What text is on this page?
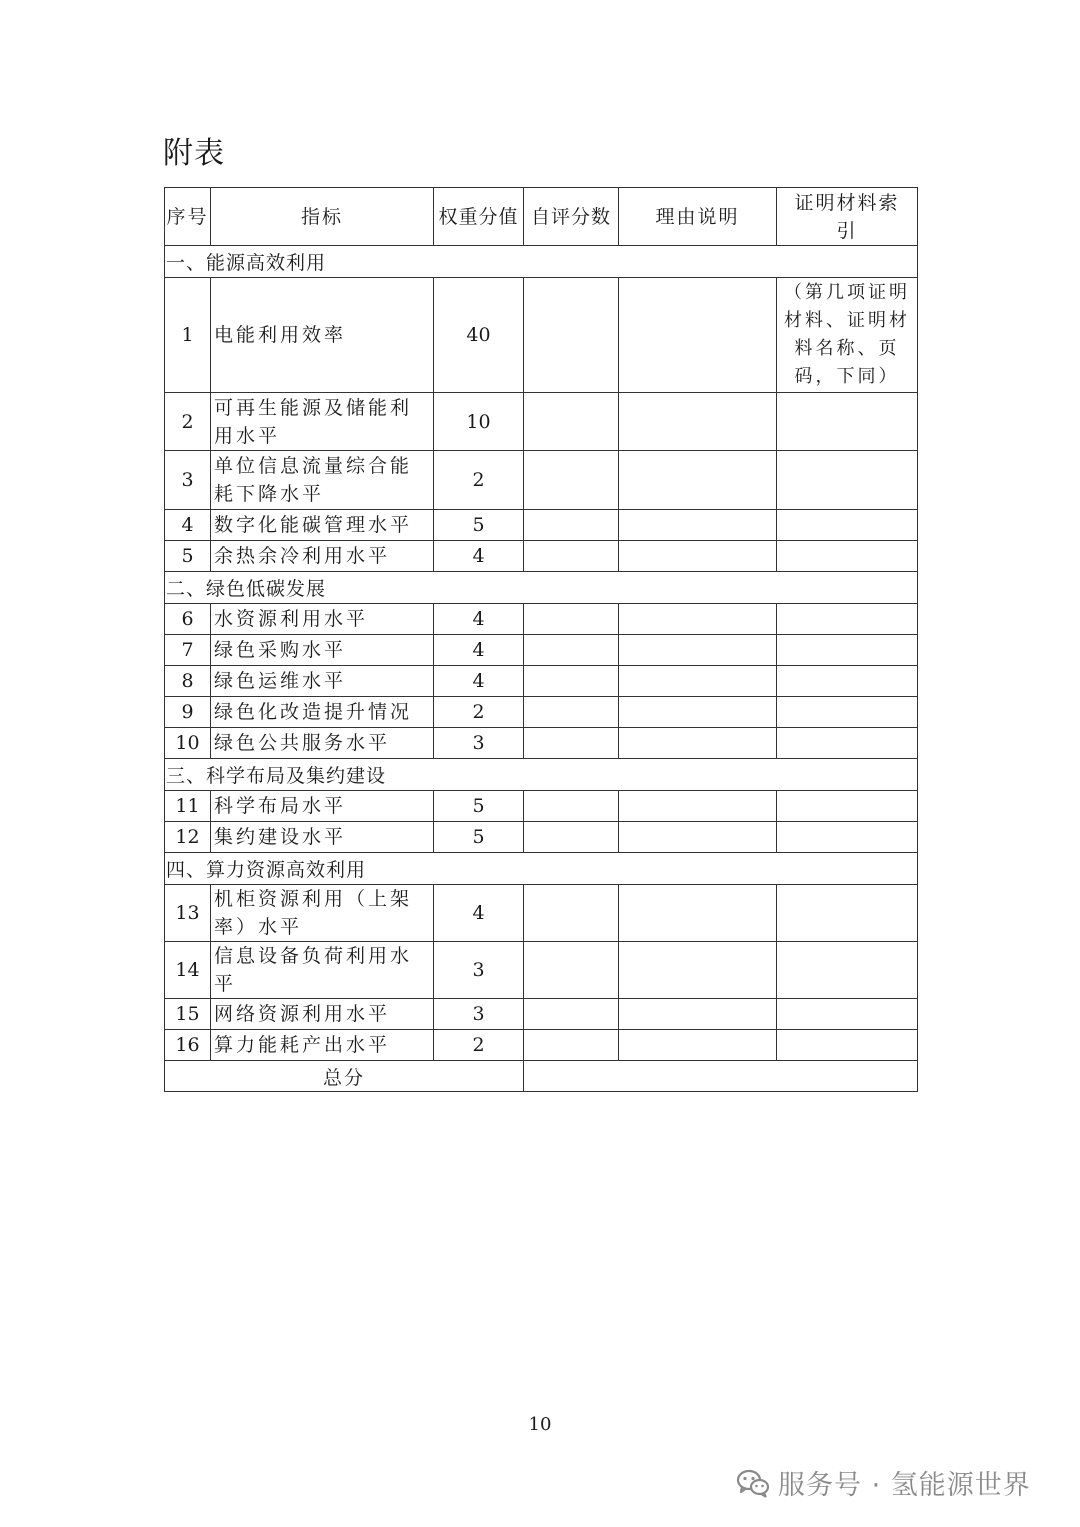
附表
序号	指标	权重分值	自评分数	理由说明	证明材料索引
一、能源高效利用					
1	电能利用效率	40			（第几项证明材料、证明材料名称、页码，下同）

2	可再生能源及储能利用水平	10			
3	单位信息流量综合能耗下降水平	2			
4	数字化能碳管理水平	5			
5	余热余冷利用水平	4			
二、绿色低碳发展					
6	水资源利用水平	4			
7	绿色采购水平	4			
8	绿色运维水平	4			
9	绿色化改造提升情况	2			
10	绿色公共服务水平	3			
三、科学布局及集约建设					
11	科学布局水平	5			
12	集约建设水平	5			
四、算力资源高效利用					
13	机柜资源利用（上架率）水平	4			
14	信息设备负荷利用水平	3			
15	网络资源利用水平	3			
16	算力能耗产出水平	2			
总分					
10
服务号 · 氢能源世界
